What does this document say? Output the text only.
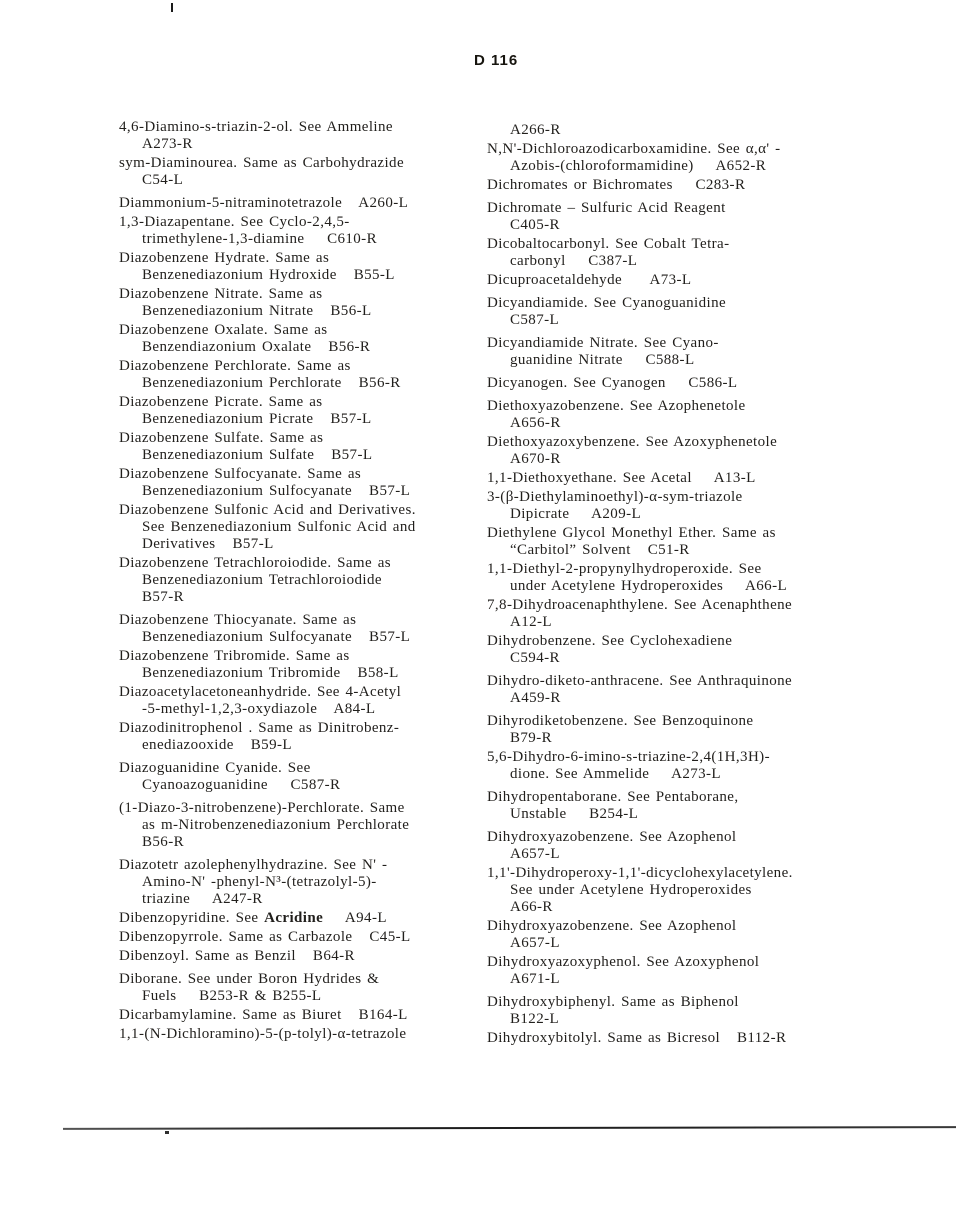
D 116
4,6-Diamino-s-triazin-2-ol. See Ammeline
A273-R
sym-Diaminourea. Same as Carbohydrazide
C54-L
Diammonium-5-nitraminotetrazole   A260-L
1,3-Diazapentane. See Cyclo-2,4,5-
trimethylene-1,3-diamine    C610-R
Diazobenzene Hydrate. Same as
Benzenediazonium Hydroxide   B55-L
Diazobenzene Nitrate. Same as
Benzenediazonium Nitrate   B56-L
Diazobenzene Oxalate. Same as
Benzendiazonium Oxalate   B56-R
Diazobenzene Perchlorate. Same as
Benzenediazonium Perchlorate   B56-R
Diazobenzene Picrate. Same as
Benzenediazonium Picrate   B57-L
Diazobenzene Sulfate. Same as
Benzenediazonium Sulfate   B57-L
Diazobenzene Sulfocyanate. Same as
Benzenediazonium Sulfocyanate   B57-L
Diazobenzene Sulfonic Acid and Derivatives.
See Benzenediazonium Sulfonic Acid and
Derivatives   B57-L
Diazobenzene Tetrachloroiodide. Same as
Benzenediazonium Tetrachloroiodide
B57-R
Diazobenzene Thiocyanate. Same as
Benzenediazonium Sulfocyanate   B57-L
Diazobenzene Tribromide. Same as
Benzenediazonium Tribromide   B58-L
Diazoacetylacetoneanhydride. See 4-Acetyl
-5-methyl-1,2,3-oxydiazole   A84-L
Diazodinitrophenol . Same as Dinitrobenz-
enediazooxide   B59-L
Diazoguanidine Cyanide. See
Cyanoazoguanidine    C587-R
(1-Diazo-3-nitrobenzene)-Perchlorate. Same
as m-Nitrobenzenediazonium Perchlorate
B56-R
Diazotetr azolephenylhydrazine. See N' -
Amino-N' -phenyl-N³-(tetrazolyl-5)-
triazine    A247-R
Dibenzopyridine. See Acridine    A94-L
Dibenzopyrrole. Same as Carbazole   C45-L
Dibenzoyl. Same as Benzil   B64-R
Diborane. See under Boron Hydrides &
Fuels    B253-R & B255-L
Dicarbamylamine. Same as Biuret   B164-L
1,1-(N-Dichloramino)-5-(p-tolyl)-α-tetrazole
A266-R
N,N'-Dichloroazodicarboxamidine. See α,α' -
Azobis-(chloroformamidine)    A652-R
Dichromates or Bichromates    C283-R
Dichromate – Sulfuric Acid Reagent
C405-R
Dicobaltocarbonyl. See Cobalt Tetra-
carbonyl    C387-L
Dicuproacetaldehyde     A73-L
Dicyandiamide. See Cyanoguanidine
C587-L
Dicyandiamide Nitrate. See Cyano-
guanidine Nitrate    C588-L
Dicyanogen. See Cyanogen    C586-L
Diethoxyazobenzene. See Azophenetole
A656-R
Diethoxyazoxybenzene. See Azoxyphenetole
A670-R
1,1-Diethoxyethane. See Acetal    A13-L
3-(β-Diethylaminoethyl)-α-sym-triazole
Dipicrate    A209-L
Diethylene Glycol Monethyl Ether. Same as
“Carbitol” Solvent   C51-R
1,1-Diethyl-2-propynylhydroperoxide. See
under Acetylene Hydroperoxides    A66-L
7,8-Dihydroacenaphthylene. See Acenaphthene
A12-L
Dihydrobenzene. See Cyclohexadiene
C594-R
Dihydro-diketo-anthracene. See Anthraquinone
A459-R
Dihyrodiketobenzene. See Benzoquinone
B79-R
5,6-Dihydro-6-imino-s-triazine-2,4(1H,3H)-
dione. See Ammelide    A273-L
Dihydropentaborane. See Pentaborane,
Unstable    B254-L
Dihydroxyazobenzene. See Azophenol
A657-L
1,1'-Dihydroperoxy-1,1'-dicyclohexylacetylene.
See under Acetylene Hydroperoxides
A66-R
Dihydroxyazobenzene. See Azophenol
A657-L
Dihydroxyazoxyphenol. See Azoxyphenol
A671-L
Dihydroxybiphenyl. Same as Biphenol
B122-L
Dihydroxybitolyl. Same as Bicresol   B112-R
